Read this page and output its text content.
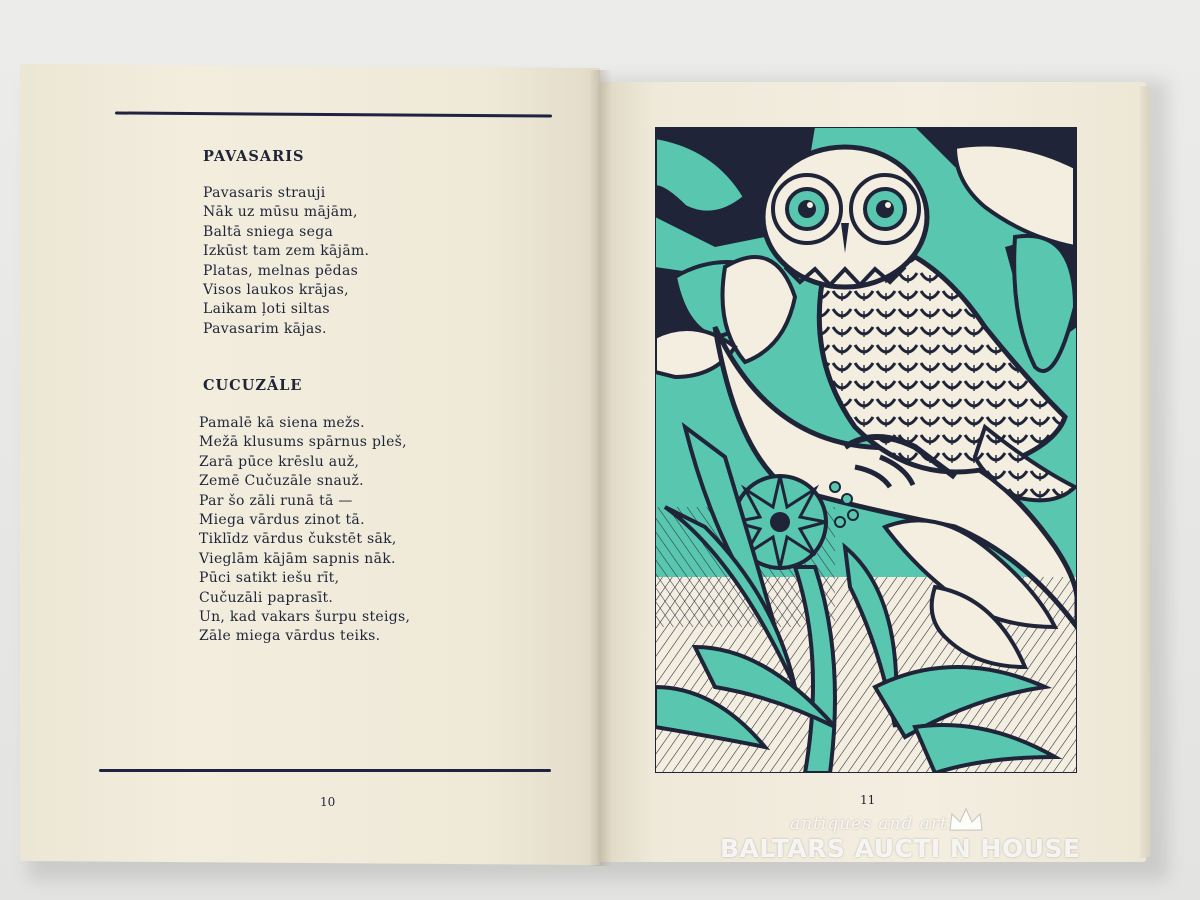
PAVASARIS
Pavasaris strauji
Nāk uz mūsu mājām,
Baltā sniega sega
Izkūst tam zem kājām.
Platas, melnas pēdas
Visos laukos krājas,
Laikam ļoti siltas
Pavasarim kājas.
CUCUZĀLE
Pamalē kā siena mežs.
Mežā klusums spārnus pleš,
Zarā pūce krēslu auž,
Zemē Cučuzāle snauž.
Par šo zāli runā tā —
Miega vārdus zinot tā.
Tiklīdz vārdus čukstēt sāk,
Vieglām kājām sapnis nāk.
Pūci satikt iešu rīt,
Cučuzāli paprasīt.
Un, kad vakars šurpu steigs,
Zāle miega vārdus teiks.
10	11
antiques and art
BALTARS AUCTI N HOUSE
